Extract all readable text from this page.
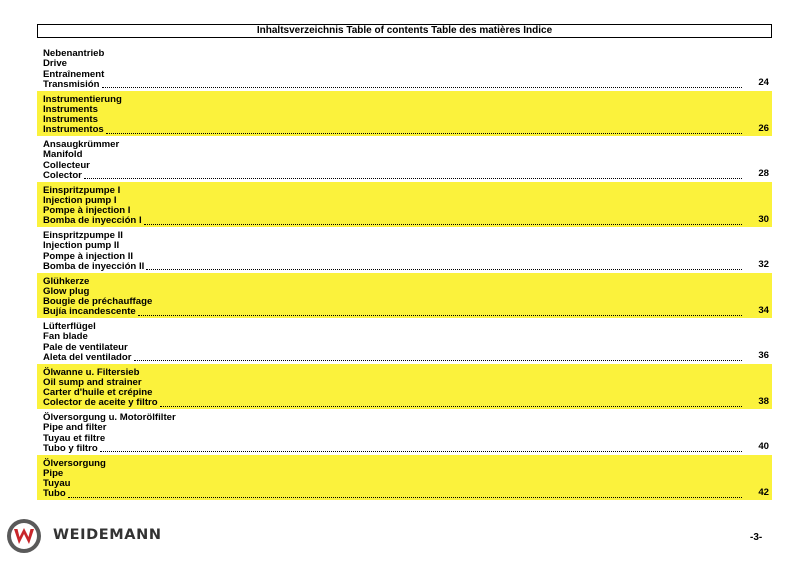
Inhaltsverzeichnis Table of contents Table des matières Índice
Nebenantrieb
Drive
Entraînement
Transmisión	24
Instrumentierung
Instruments
Instruments
Instrumentos	26
Ansaugkrümmer
Manifold
Collecteur
Colector	28
Einspritzpumpe I
Injection pump I
Pompe à injection I
Bomba de inyección I	30
Einspritzpumpe II
Injection pump II
Pompe à injection II
Bomba de inyección II	32
Glühkerze
Glow plug
Bougie de préchauffage
Bujía incandescente	34
Lüfterflügel
Fan blade
Pale de ventilateur
Aleta del ventilador	36
Ölwanne u. Filtersieb
Oil sump and strainer
Carter d'huile et crépine
Colector de aceite y filtro	38
Ölversorgung u. Motorölfilter
Pipe and filter
Tuyau et filtre
Tubo y filtro	40
Ölversorgung
Pipe
Tuyau
Tubo	42
WEIDEMANN	-3-
